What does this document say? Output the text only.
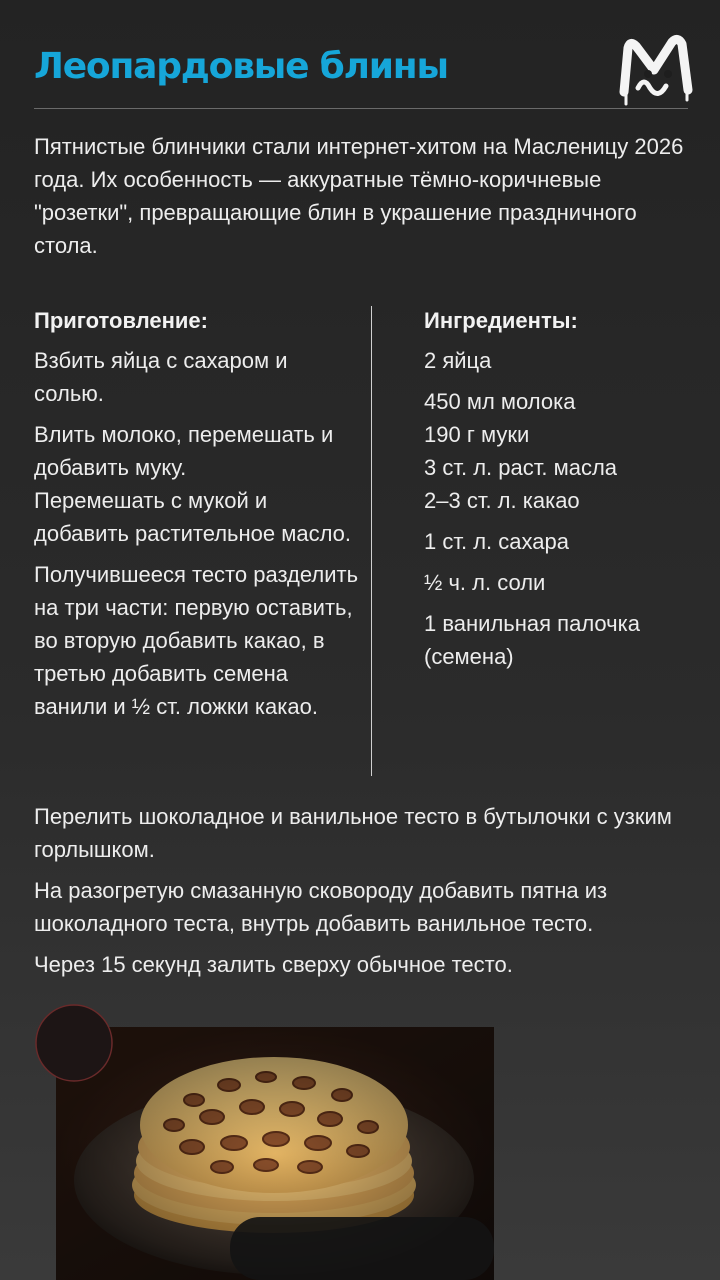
Леопардовые блины

Пятнистые блинчики стали интернет-хитом на Масленицу 2026 года. Их особенность — аккуратные тёмно-коричневые "розетки", превращающие блин в украшение праздничного стола.

Приготовление:

Взбить яйца с сахаром и солью.

Влить молоко, перемешать и добавить муку.

Перемешать с мукой и добавить растительное масло.

Получившееся тесто разделить на три части: первую оставить, во вторую добавить какао, в третью добавить семена ванили и ½ ст. ложки какао.

Ингредиенты:

2 яйца

450 мл молока

190 г муки

3 ст. л. раст. масла

2–3 ст. л. какао

1 ст. л. сахара

½ ч. л. соли

1 ванильная палочка (семена)

Перелить шоколадное и ванильное тесто в бутылочки с узким горлышком.

На разогретую смазанную сковороду добавить пятна из шоколадного теста, внутрь добавить ванильное тесто.

Через 15 секунд залить сверху обычное тесто.
